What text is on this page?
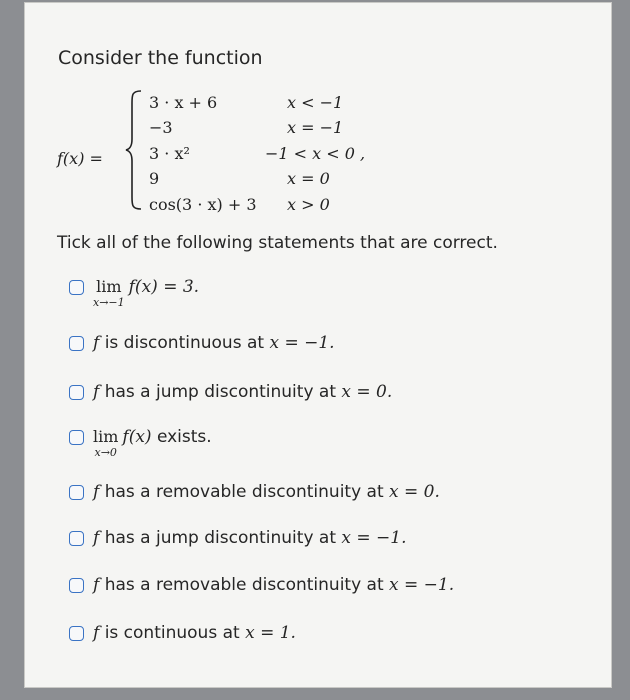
Consider the function
f(x) =
3 · x + 6	x < −1
−3	x = −1
3 · x²	−1 < x < 0 ,
9	x = 0
cos(3 · x) + 3 x > 0
Tick all of the following statements that are correct.
lim
x→−1
f(x) = 3.
f is discontinuous at x = −1.
f has a jump discontinuity at x = 0.
lim
x→0
f(x) exists.
f has a removable discontinuity at x = 0.
f has a jump discontinuity at x = −1.
f has a removable discontinuity at x = −1.
f is continuous at x = 1.
